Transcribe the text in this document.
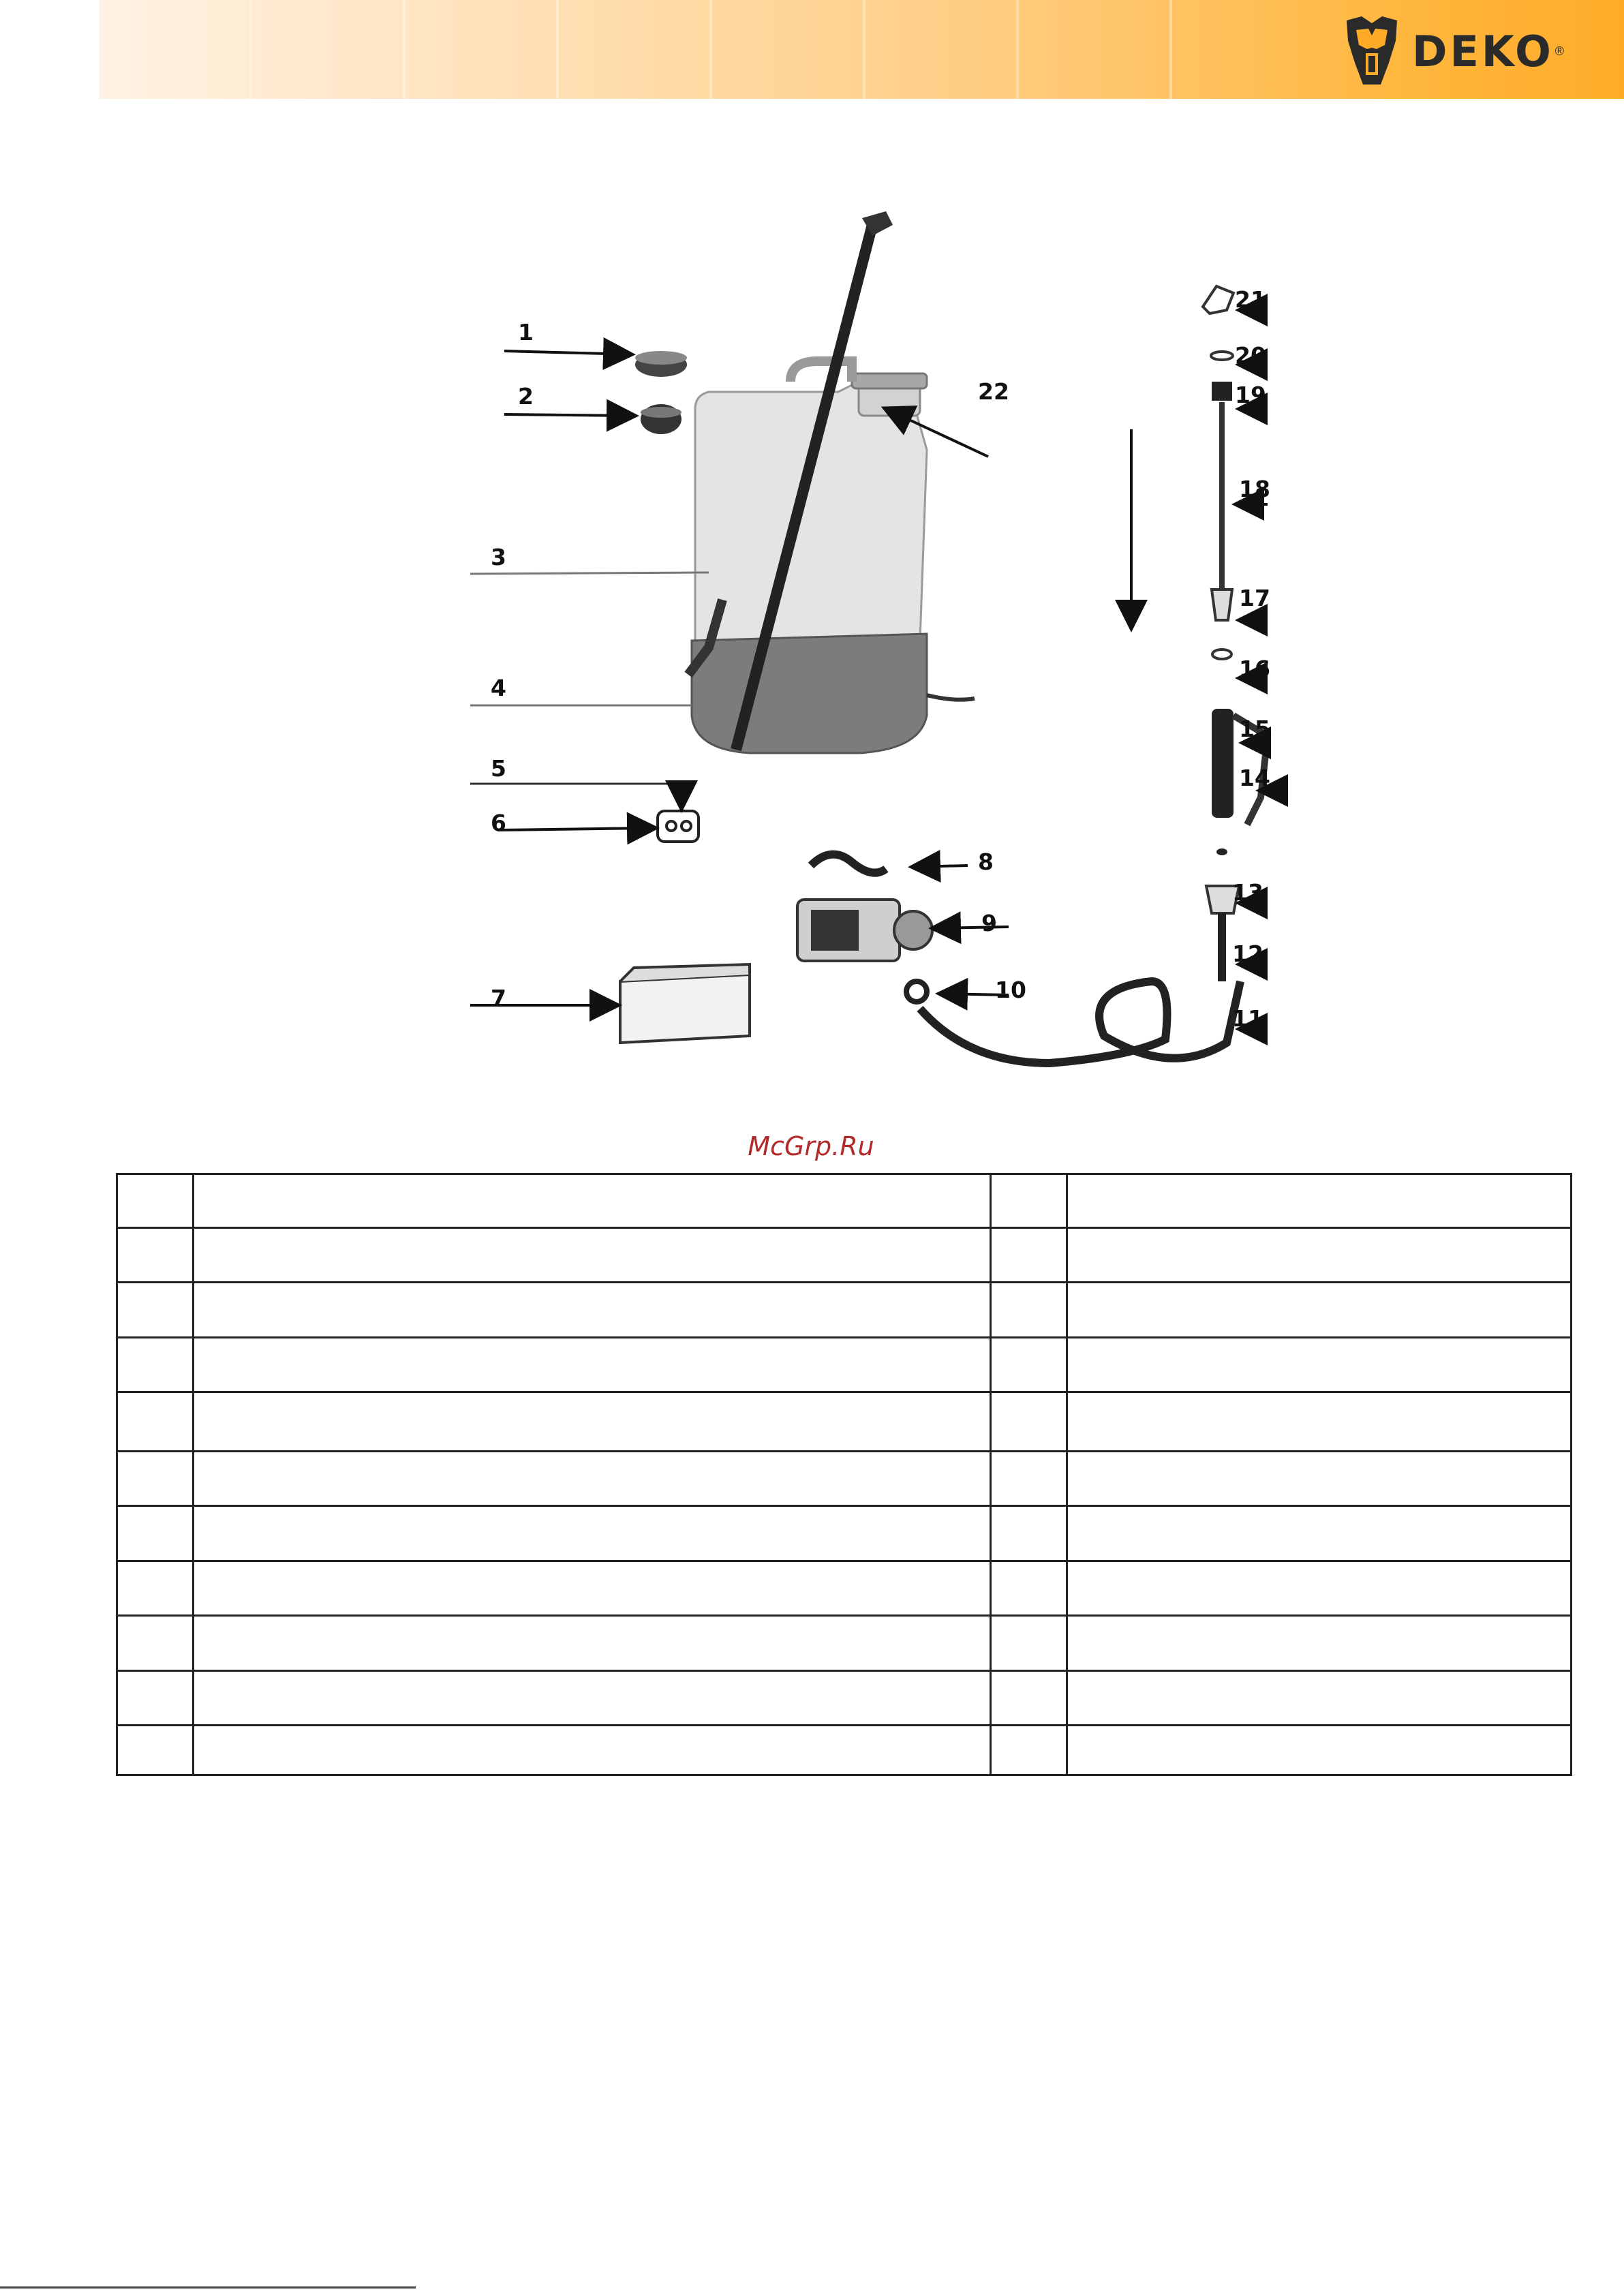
DEKO ®
1
2
3
4
5
6
7
8
9
10
11
12
13
14
15
16
17
18
19
20
21
22
McGrp.Ru
